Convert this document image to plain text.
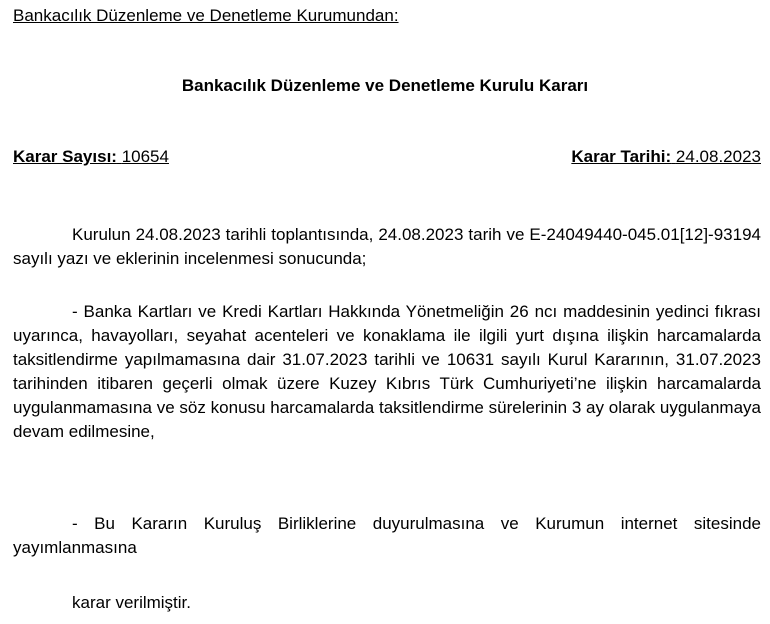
Bankacılık Düzenleme ve Denetleme Kurumundan:
Bankacılık Düzenleme ve Denetleme Kurulu Kararı
Karar Sayısı: 10654	Karar Tarihi: 24.08.2023
Kurulun 24.08.2023 tarihli toplantısında, 24.08.2023 tarih ve E-24049440-045.01[12]-93194 sayılı yazı ve eklerinin incelenmesi sonucunda;
- Banka Kartları ve Kredi Kartları Hakkında Yönetmeliğin 26 ncı maddesinin yedinci fıkrası uyarınca, havayolları, seyahat acenteleri ve konaklama ile ilgili yurt dışına ilişkin harcamalarda taksitlendirme yapılmamasına dair 31.07.2023 tarihli ve 10631 sayılı Kurul Kararının, 31.07.2023 tarihinden itibaren geçerli olmak üzere Kuzey Kıbrıs Türk Cumhuriyeti’ne ilişkin harcamalarda uygulanmamasına ve söz konusu harcamalarda taksitlendirme sürelerinin 3 ay olarak uygulanmaya devam edilmesine,
- Bu Kararın Kuruluş Birliklerine duyurulmasına ve Kurumun internet sitesinde yayımlanmasına
karar verilmiştir.
